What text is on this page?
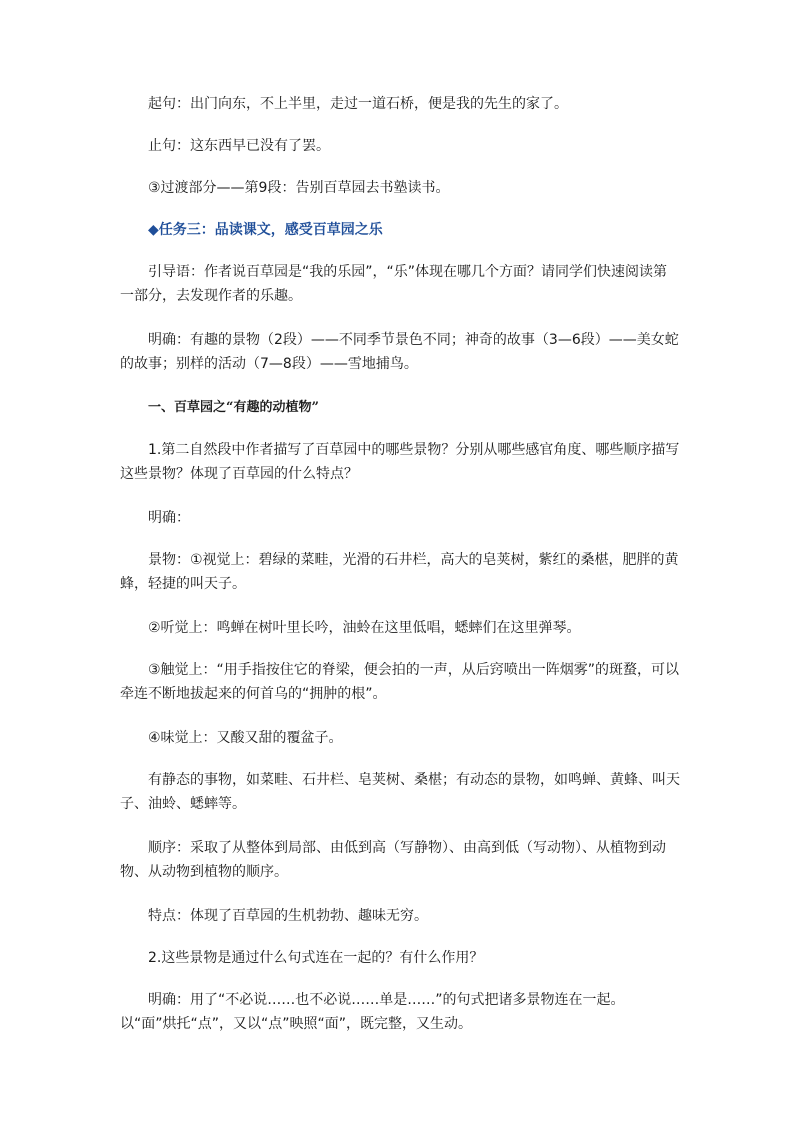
起句：出门向东，不上半里，走过一道石桥，便是我的先生的家了。

止句：这东西早已没有了罢。

③过渡部分——第9段：告别百草园去书塾读书。

◆任务三：品读课文，感受百草园之乐

引导语：作者说百草园是“我的乐园”，“乐”体现在哪几个方面？请同学们快速阅读第一部分，去发现作者的乐趣。

明确：有趣的景物（2段）——不同季节景色不同；神奇的故事（3—6段）——美女蛇的故事；别样的活动（7—8段）——雪地捕鸟。

一、百草园之“有趣的动植物”

1.第二自然段中作者描写了百草园中的哪些景物？分别从哪些感官角度、哪些顺序描写这些景物？体现了百草园的什么特点？

明确：

景物：①视觉上：碧绿的菜畦，光滑的石井栏，高大的皂荚树，紫红的桑椹，肥胖的黄蜂，轻捷的叫天子。

②听觉上：鸣蝉在树叶里长吟，油蛉在这里低唱，蟋蟀们在这里弹琴。

③触觉上：“用手指按住它的脊梁，便会拍的一声，从后窍喷出一阵烟雾”的斑蝥，可以牵连不断地拔起来的何首乌的“拥肿的根”。

④味觉上：又酸又甜的覆盆子。

有静态的事物，如菜畦、石井栏、皂荚树、桑椹；有动态的景物，如鸣蝉、黄蜂、叫天子、油蛉、蟋蟀等。

顺序：采取了从整体到局部、由低到高（写静物）、由高到低（写动物）、从植物到动物、从动物到植物的顺序。

特点：体现了百草园的生机勃勃、趣味无穷。

2.这些景物是通过什么句式连在一起的？有什么作用？

明确：用了“不必说……也不必说……单是……”的句式把诸多景物连在一起。以“面”烘托“点”，又以“点”映照“面”，既完整，又生动。
